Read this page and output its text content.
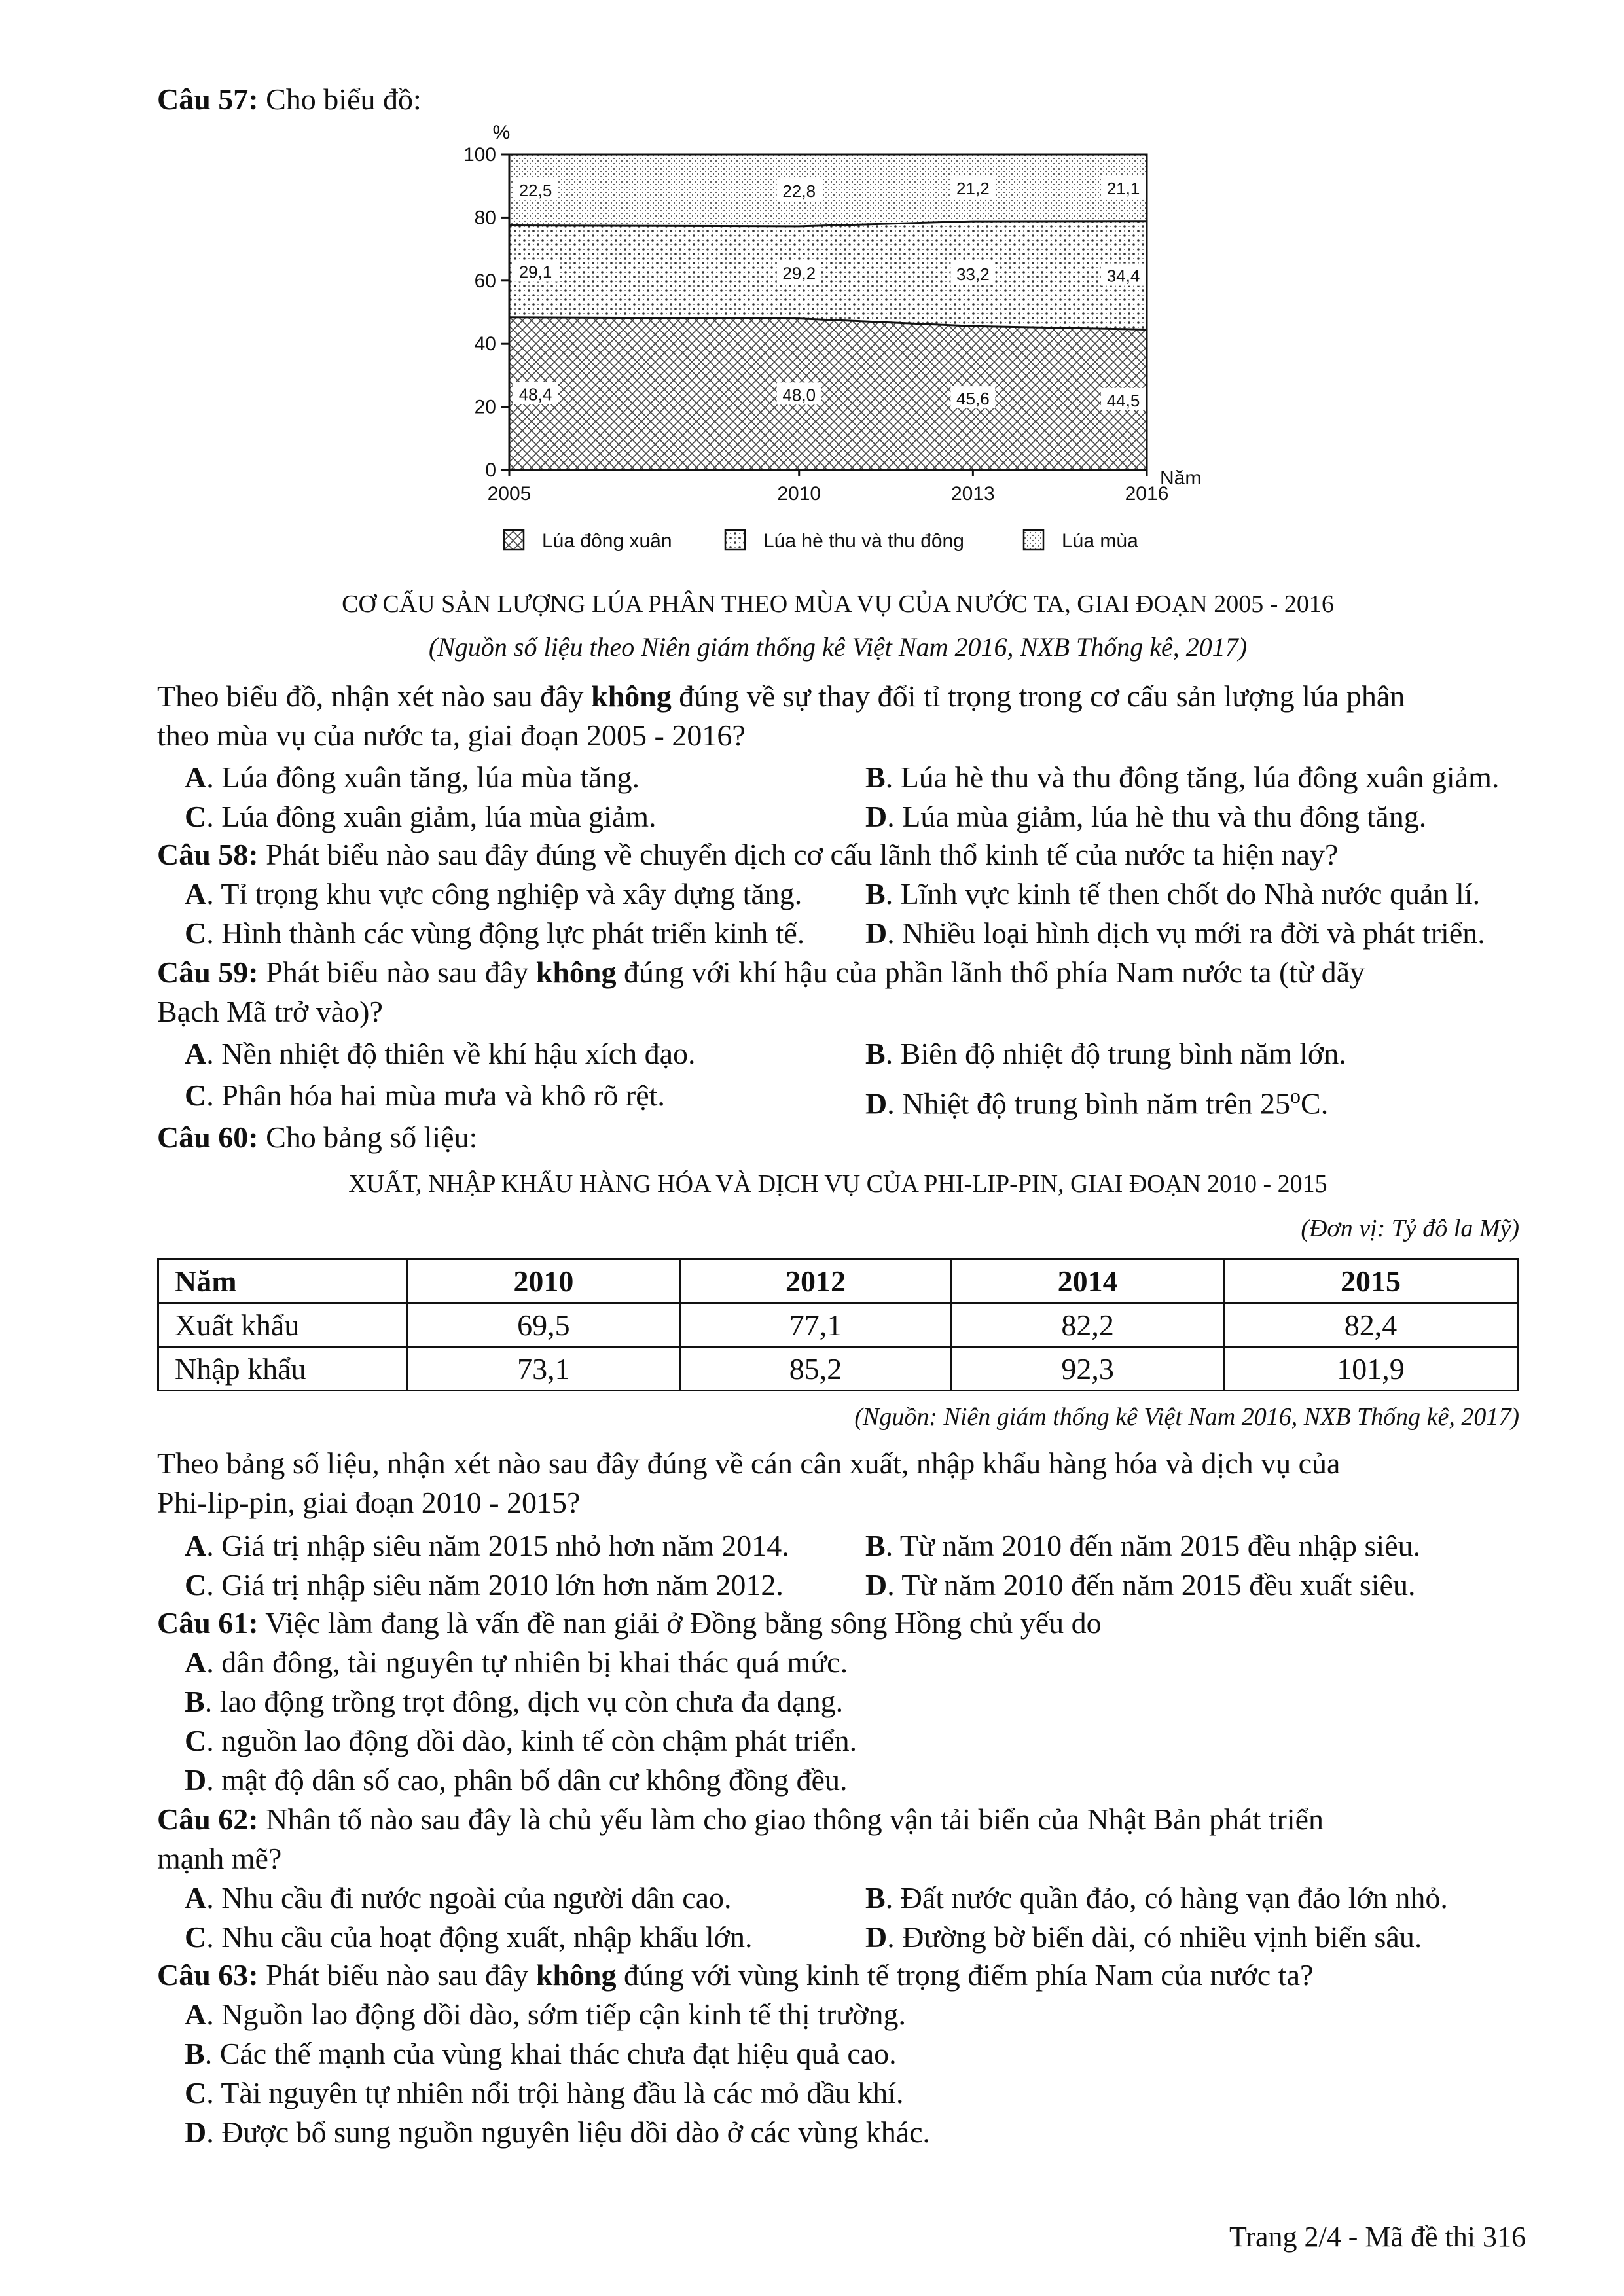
Câu 57: Cho biểu đồ:
48,4	48,0	45,6	44,5
29,1	29,2	33,2	34,4
22,5	22,8	21,2	21,1
0
20
40
60
80
100
%
2005	2010	2013	2016
Năm
Lúa đông xuân	Lúa hè thu và thu đông	Lúa mùa
CƠ CẤU SẢN LƯỢNG LÚA PHÂN THEO MÙA VỤ CỦA NƯỚC TA, GIAI ĐOẠN 2005 - 2016
(Nguồn số liệu theo Niên giám thống kê Việt Nam 2016, NXB Thống kê, 2017)
Theo biểu đồ, nhận xét nào sau đây không đúng về sự thay đổi tỉ trọng trong cơ cấu sản lượng lúa phân
theo mùa vụ của nước ta, giai đoạn 2005 - 2016?
A. Lúa đông xuân tăng, lúa mùa tăng.	B. Lúa hè thu và thu đông tăng, lúa đông xuân giảm.
C. Lúa đông xuân giảm, lúa mùa giảm.	D. Lúa mùa giảm, lúa hè thu và thu đông tăng.
Câu 58: Phát biểu nào sau đây đúng về chuyển dịch cơ cấu lãnh thổ kinh tế của nước ta hiện nay?
A. Tỉ trọng khu vực công nghiệp và xây dựng tăng. B. Lĩnh vực kinh tế then chốt do Nhà nước quản lí.
C. Hình thành các vùng động lực phát triển kinh tế. D. Nhiều loại hình dịch vụ mới ra đời và phát triển.
Câu 59: Phát biểu nào sau đây không đúng với khí hậu của phần lãnh thổ phía Nam nước ta (từ dãy
Bạch Mã trở vào)?
A. Nền nhiệt độ thiên về khí hậu xích đạo.	B. Biên độ nhiệt độ trung bình năm lớn.
C. Phân hóa hai mùa mưa và khô rõ rệt.	D. Nhiệt độ trung bình năm trên 25$^o$C.
Câu 60: Cho bảng số liệu:
XUẤT, NHẬP KHẨU HÀNG HÓA VÀ DỊCH VỤ CỦA PHI-LIP-PIN, GIAI ĐOẠN 2010 - 2015
(Đơn vị: Tỷ đô la Mỹ)
Năm	2010	2012	2014	2015
Xuất khẩu	69,5	77,1	82,2	82,4
Nhập khẩu	73,1	85,2	92,3	101,9
(Nguồn: Niên giám thống kê Việt Nam 2016, NXB Thống kê, 2017)
Theo bảng số liệu, nhận xét nào sau đây đúng về cán cân xuất, nhập khẩu hàng hóa và dịch vụ của
Phi-lip-pin, giai đoạn 2010 - 2015?
A. Giá trị nhập siêu năm 2015 nhỏ hơn năm 2014.	B. Từ năm 2010 đến năm 2015 đều nhập siêu.
C. Giá trị nhập siêu năm 2010 lớn hơn năm 2012.	D. Từ năm 2010 đến năm 2015 đều xuất siêu.
Câu 61: Việc làm đang là vấn đề nan giải ở Đồng bằng sông Hồng chủ yếu do
A. dân đông, tài nguyên tự nhiên bị khai thác quá mức.
B. lao động trồng trọt đông, dịch vụ còn chưa đa dạng.
C. nguồn lao động dồi dào, kinh tế còn chậm phát triển.
D. mật độ dân số cao, phân bố dân cư không đồng đều.
Câu 62: Nhân tố nào sau đây là chủ yếu làm cho giao thông vận tải biển của Nhật Bản phát triển
mạnh mẽ?
A. Nhu cầu đi nước ngoài của người dân cao.	B. Đất nước quần đảo, có hàng vạn đảo lớn nhỏ.
C. Nhu cầu của hoạt động xuất, nhập khẩu lớn.	D. Đường bờ biển dài, có nhiều vịnh biển sâu.
Câu 63: Phát biểu nào sau đây không đúng với vùng kinh tế trọng điểm phía Nam của nước ta?
A. Nguồn lao động dồi dào, sớm tiếp cận kinh tế thị trường.
B. Các thế mạnh của vùng khai thác chưa đạt hiệu quả cao.
C. Tài nguyên tự nhiên nổi trội hàng đầu là các mỏ dầu khí.
D. Được bổ sung nguồn nguyên liệu dồi dào ở các vùng khác.
Trang 2/4 - Mã đề thi 316
